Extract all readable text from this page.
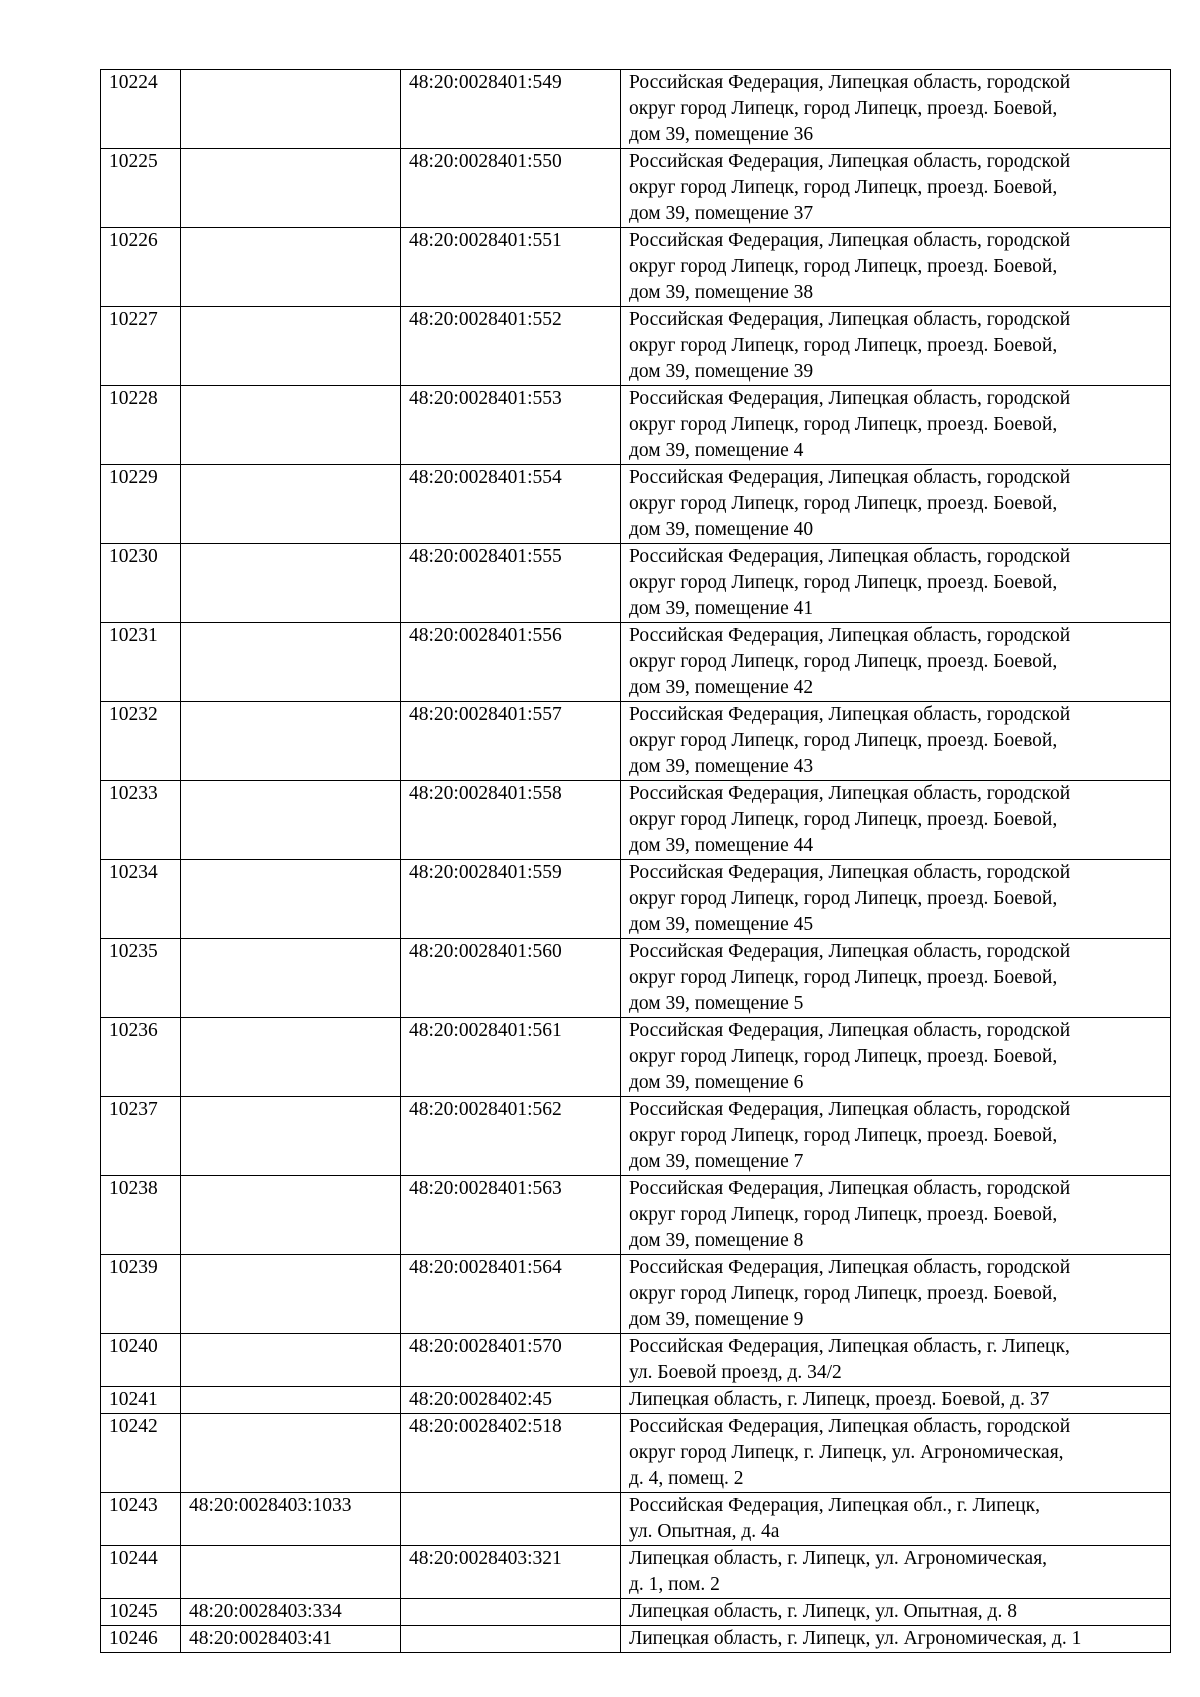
10224		48:20:0028401:549	Российская Федерация, Липецкая область, городской
округ город Липецк, город Липецк, проезд. Боевой,
дом 39, помещение 36
10225		48:20:0028401:550	Российская Федерация, Липецкая область, городской
округ город Липецк, город Липецк, проезд. Боевой,
дом 39, помещение 37
10226		48:20:0028401:551	Российская Федерация, Липецкая область, городской
округ город Липецк, город Липецк, проезд. Боевой,
дом 39, помещение 38
10227		48:20:0028401:552	Российская Федерация, Липецкая область, городской
округ город Липецк, город Липецк, проезд. Боевой,
дом 39, помещение 39
10228		48:20:0028401:553	Российская Федерация, Липецкая область, городской
округ город Липецк, город Липецк, проезд. Боевой,
дом 39, помещение 4
10229		48:20:0028401:554	Российская Федерация, Липецкая область, городской
округ город Липецк, город Липецк, проезд. Боевой,
дом 39, помещение 40
10230		48:20:0028401:555	Российская Федерация, Липецкая область, городской
округ город Липецк, город Липецк, проезд. Боевой,
дом 39, помещение 41
10231		48:20:0028401:556	Российская Федерация, Липецкая область, городской
округ город Липецк, город Липецк, проезд. Боевой,
дом 39, помещение 42
10232		48:20:0028401:557	Российская Федерация, Липецкая область, городской
округ город Липецк, город Липецк, проезд. Боевой,
дом 39, помещение 43
10233		48:20:0028401:558	Российская Федерация, Липецкая область, городской
округ город Липецк, город Липецк, проезд. Боевой,
дом 39, помещение 44
10234		48:20:0028401:559	Российская Федерация, Липецкая область, городской
округ город Липецк, город Липецк, проезд. Боевой,
дом 39, помещение 45
10235		48:20:0028401:560	Российская Федерация, Липецкая область, городской
округ город Липецк, город Липецк, проезд. Боевой,
дом 39, помещение 5
10236		48:20:0028401:561	Российская Федерация, Липецкая область, городской
округ город Липецк, город Липецк, проезд. Боевой,
дом 39, помещение 6
10237		48:20:0028401:562	Российская Федерация, Липецкая область, городской
округ город Липецк, город Липецк, проезд. Боевой,
дом 39, помещение 7
10238		48:20:0028401:563	Российская Федерация, Липецкая область, городской
округ город Липецк, город Липецк, проезд. Боевой,
дом 39, помещение 8
10239		48:20:0028401:564	Российская Федерация, Липецкая область, городской
округ город Липецк, город Липецк, проезд. Боевой,
дом 39, помещение 9
10240		48:20:0028401:570	Российская Федерация, Липецкая область, г. Липецк,
ул. Боевой проезд, д. 34/2
10241		48:20:0028402:45	Липецкая область, г. Липецк, проезд. Боевой, д. 37
10242		48:20:0028402:518	Российская Федерация, Липецкая область, городской
округ город Липецк, г. Липецк, ул. Агрономическая,
д. 4, помещ. 2
10243	48:20:0028403:1033		Российская Федерация, Липецкая обл., г. Липецк,
ул. Опытная, д. 4а
10244		48:20:0028403:321	Липецкая область, г. Липецк, ул. Агрономическая,
д. 1, пом. 2
10245	48:20:0028403:334		Липецкая область, г. Липецк, ул. Опытная, д. 8
10246	48:20:0028403:41		Липецкая область, г. Липецк, ул. Агрономическая, д. 1
